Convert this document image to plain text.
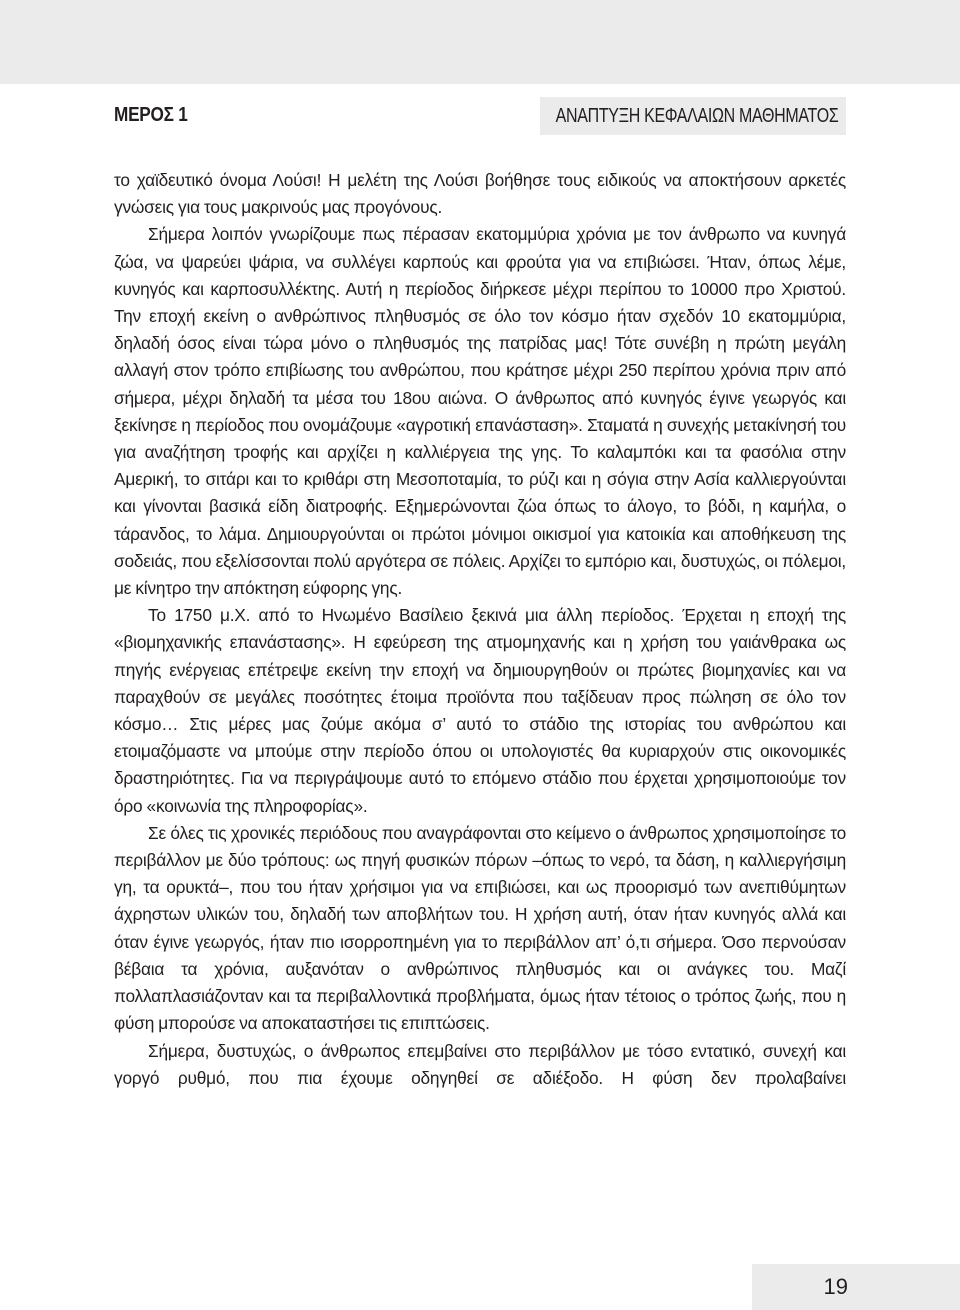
ΜΕΡΟΣ 1	ΑΝΑΠΤΥΞΗ ΚΕΦΑΛΑΙΩΝ ΜΑΘΗΜΑΤΟΣ

το χαϊδευτικό όνομα Λούσι! Η μελέτη της Λούσι βοήθησε τους ειδικούς να αποκτήσουν αρκετές γνώσεις για τους μακρινούς μας προγόνους.

Σήμερα λοιπόν γνωρίζουμε πως πέρασαν εκατομμύρια χρόνια με τον άνθρωπο να κυνηγά ζώα, να ψαρεύει ψάρια, να συλλέγει καρπούς και φρούτα για να επιβιώσει. Ήταν, όπως λέμε, κυνηγός και καρποσυλλέκτης. Αυτή η περίοδος διήρκεσε μέχρι περίπου το 10000 προ Χριστού. Την εποχή εκείνη ο ανθρώπινος πληθυσμός σε όλο τον κόσμο ήταν σχεδόν 10 εκατομμύρια, δηλαδή όσος είναι τώρα μόνο ο πληθυσμός της πατρίδας μας! Τότε συνέβη η πρώτη μεγάλη αλλαγή στον τρόπο επιβίωσης του ανθρώπου, που κράτησε μέχρι 250 περίπου χρόνια πριν από σήμερα, μέχρι δηλαδή τα μέσα του 18ου αιώνα. Ο άνθρωπος από κυνηγός έγινε γεωργός και ξεκίνησε η περίοδος που ονομάζουμε «αγροτική επανάσταση». Σταματά η συνεχής μετακίνησή του για αναζήτηση τροφής και αρχίζει η καλλιέργεια της γης. Το καλαμπόκι και τα φασόλια στην Αμερική, το σιτάρι και το κριθάρι στη Μεσοποταμία, το ρύζι και η σόγια στην Ασία καλλιεργούνται και γίνονται βασικά είδη διατροφής. Εξημερώνονται ζώα όπως το άλογο, το βόδι, η καμήλα, ο τάρανδος, το λάμα. Δημιουργούνται οι πρώτοι μόνιμοι οικισμοί για κατοικία και αποθήκευση της σοδειάς, που εξελίσσονται πολύ αργότερα σε πόλεις. Αρχίζει το εμπόριο και, δυστυχώς, οι πόλεμοι, με κίνητρο την απόκτηση εύφορης γης.

Το 1750 μ.Χ. από το Ηνωμένο Βασίλειο ξεκινά μια άλλη περίοδος. Έρχεται η εποχή της «βιομηχανικής επανάστασης». Η εφεύρεση της ατμομηχανής και η χρήση του γαιάνθρακα ως πηγής ενέργειας επέτρεψε εκείνη την εποχή να δημιουργηθούν οι πρώτες βιομηχανίες και να παραχθούν σε μεγάλες ποσότητες έτοιμα προϊόντα που ταξίδευαν προς πώληση σε όλο τον κόσμο… Στις μέρες μας ζούμε ακόμα σ’ αυτό το στάδιο της ιστορίας του ανθρώπου και ετοιμαζόμαστε να μπούμε στην περίοδο όπου οι υπολογιστές θα κυριαρχούν στις οικονομικές δραστηριότητες. Για να περιγράψουμε αυτό το επόμενο στάδιο που έρχεται χρησιμοποιούμε τον όρο «κοινωνία της πληροφορίας».

Σε όλες τις χρονικές περιόδους που αναγράφονται στο κείμενο ο άνθρωπος χρησιμοποίησε το περιβάλλον με δύο τρόπους: ως πηγή φυσικών πόρων –όπως το νερό, τα δάση, η καλλιεργήσιμη γη, τα ορυκτά–, που του ήταν χρήσιμοι για να επιβιώσει, και ως προορισμό των ανεπιθύμητων άχρηστων υλικών του, δηλαδή των αποβλήτων του. Η χρήση αυτή, όταν ήταν κυνηγός αλλά και όταν έγινε γεωργός, ήταν πιο ισορροπημένη για το περιβάλλον απ’ ό,τι σήμερα. Όσο περνούσαν βέβαια τα χρόνια, αυξανόταν ο ανθρώπινος πληθυσμός και οι ανάγκες του. Μαζί πολλαπλασιάζονταν και τα περιβαλλοντικά προβλήματα, όμως ήταν τέτοιος ο τρόπος ζωής, που η φύση μπορούσε να αποκαταστήσει τις επιπτώσεις.

Σήμερα, δυστυχώς, ο άνθρωπος επεμβαίνει στο περιβάλλον με τόσο εντατικό, συνεχή και γοργό ρυθμό, που πια έχουμε οδηγηθεί σε αδιέξοδο. Η φύση δεν προλαβαίνει

19
